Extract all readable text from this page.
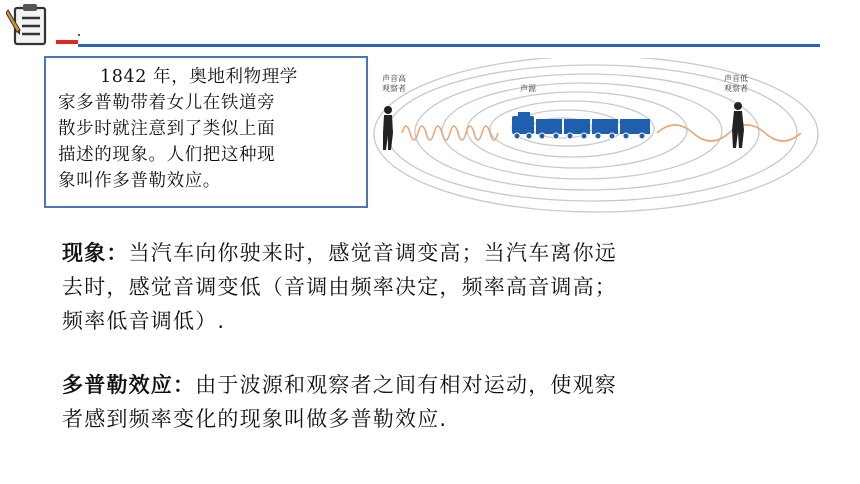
1842 年，奥地利物理学
家多普勒带着女儿在铁道旁
散步时就注意到了类似上面
描述的现象。人们把这种现
象叫作多普勒效应。
声音高
观察者	声源
声音低
观察者
现象：当汽车向你驶来时，感觉音调变高；当汽车离你远
去时，感觉音调变低（音调由频率决定，频率高音调高；
频率低音调低）.
多普勒效应：由于波源和观察者之间有相对运动，使观察
者感到频率变化的现象叫做多普勒效应.
